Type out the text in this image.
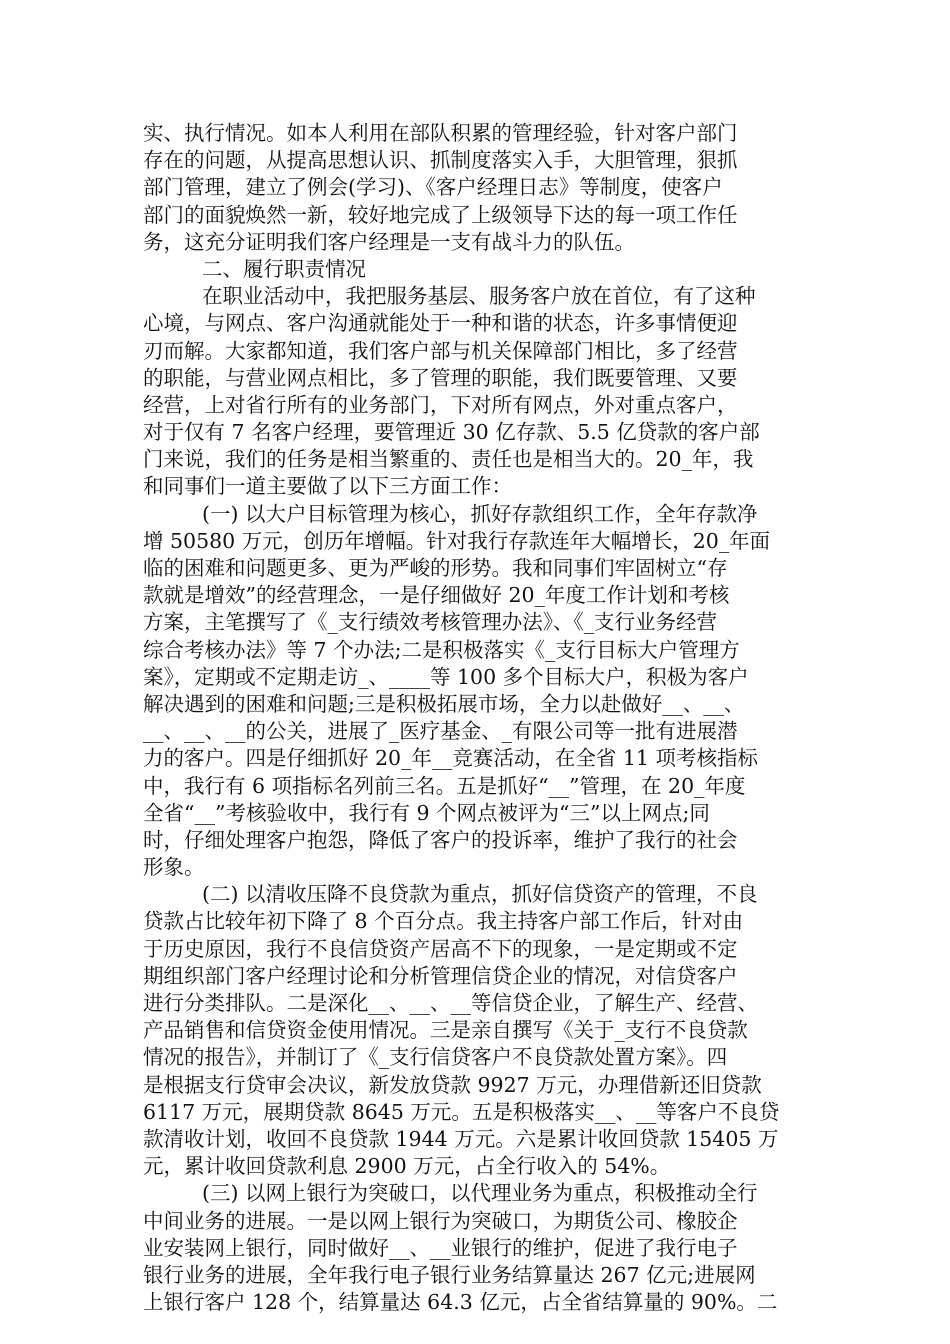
实、执行情况。如本人利用在部队积累的管理经验，针对客户部门
存在的问题，从提高思想认识、抓制度落实入手，大胆管理，狠抓
部门管理，建立了例会(学习)、《客户经理日志》等制度，使客户
部门的面貌焕然一新，较好地完成了上级领导下达的每一项工作任
务，这充分证明我们客户经理是一支有战斗力的队伍。
二、履行职责情况
在职业活动中，我把服务基层、服务客户放在首位，有了这种
心境，与网点、客户沟通就能处于一种和谐的状态，许多事情便迎
刃而解。大家都知道，我们客户部与机关保障部门相比，多了经营
的职能，与营业网点相比，多了管理的职能，我们既要管理、又要
经营，上对省行所有的业务部门，下对所有网点，外对重点客户，
对于仅有 7 名客户经理，要管理近 30 亿存款、5.5 亿贷款的客户部
门来说，我们的任务是相当繁重的、责任也是相当大的。20_年，我
和同事们一道主要做了以下三方面工作：
(一) 以大户目标管理为核心，抓好存款组织工作，全年存款净
增 50580 万元，创历年增幅。针对我行存款连年大幅增长，20_年面
临的困难和问题更多、更为严峻的形势。我和同事们牢固树立“存
款就是增效”的经营理念，一是仔细做好 20_年度工作计划和考核
方案，主笔撰写了《_支行绩效考核管理办法》、《_支行业务经营
综合考核办法》等 7 个办法;二是积极落实《_支行目标大户管理方
案》，定期或不定期走访_、____等 100 多个目标大户，积极为客户
解决遇到的困难和问题;三是积极拓展市场，全力以赴做好__、__、
__、__、__的公关，进展了_医疗基金、_有限公司等一批有进展潜
力的客户。四是仔细抓好 20_年__竞赛活动，在全省 11 项考核指标
中，我行有 6 项指标名列前三名。五是抓好“__”管理，在 20_年度
全省“__”考核验收中，我行有 9 个网点被评为“三”以上网点;同
时，仔细处理客户抱怨，降低了客户的投诉率，维护了我行的社会
形象。
(二) 以清收压降不良贷款为重点，抓好信贷资产的管理，不良
贷款占比较年初下降了 8 个百分点。我主持客户部工作后，针对由
于历史原因，我行不良信贷资产居高不下的现象，一是定期或不定
期组织部门客户经理讨论和分析管理信贷企业的情况，对信贷客户
进行分类排队。二是深化__、__、__等信贷企业，了解生产、经营、
产品销售和信贷资金使用情况。三是亲自撰写《关于_支行不良贷款
情况的报告》，并制订了《_支行信贷客户不良贷款处置方案》。四
是根据支行贷审会决议，新发放贷款 9927 万元，办理借新还旧贷款
6117 万元，展期贷款 8645 万元。五是积极落实__、__等客户不良贷
款清收计划，收回不良贷款 1944 万元。六是累计收回贷款 15405 万
元，累计收回贷款利息 2900 万元，占全行收入的 54%。
(三) 以网上银行为突破口，以代理业务为重点，积极推动全行
中间业务的进展。一是以网上银行为突破口，为期货公司、橡胶企
业安装网上银行，同时做好__、__业银行的维护，促进了我行电子
银行业务的进展，全年我行电子银行业务结算量达 267 亿元;进展网
上银行客户 128 个，结算量达 64.3 亿元，占全省结算量的 90%。二
